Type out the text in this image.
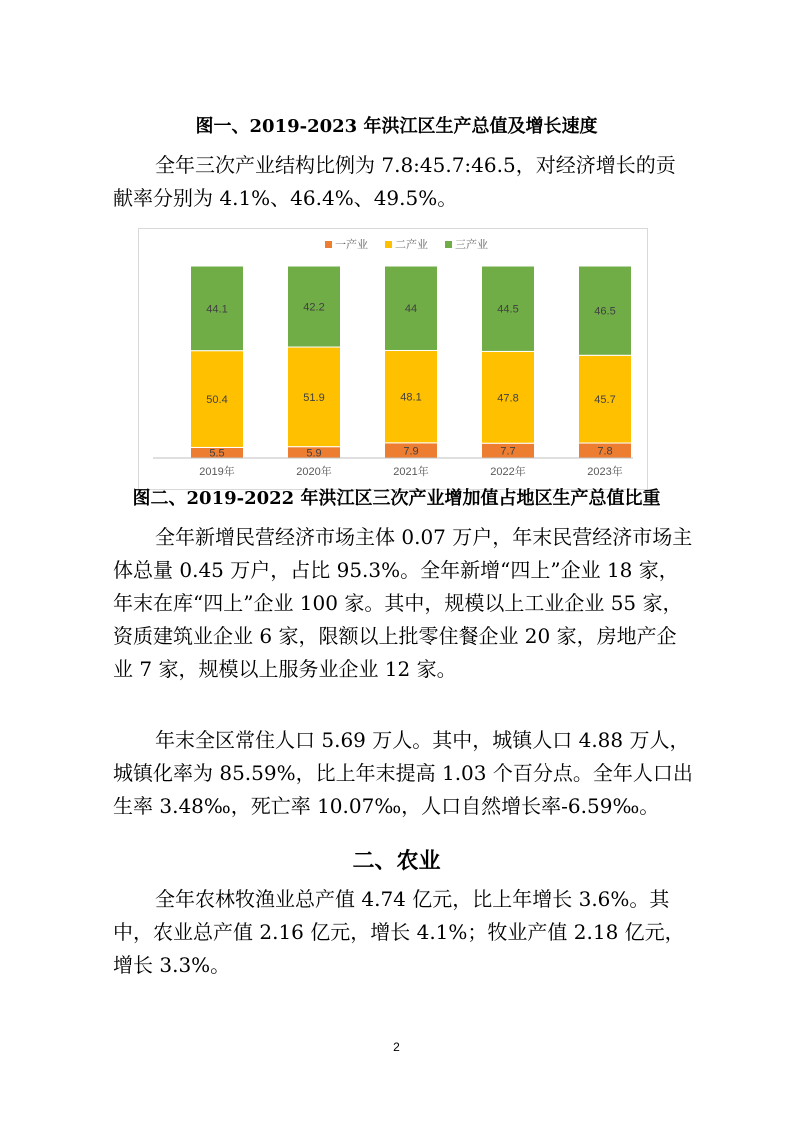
图一、2019-2023 年洪江区生产总值及增长速度

全年三次产业结构比例为 7.8:45.7:46.5，对经济增长的贡献率分别为 4.1%、46.4%、49.5%。

一产业 二产业 三产业
5.5
50.4
44.1
5.9
51.9
42.2
7.9
48.1
44
7.7
47.8
44.5
7.8
45.7
46.5
2019年	2020年	2021年	2022年	2023年
图二、2019-2022 年洪江区三次产业增加值占地区生产总值比重

全年新增民营经济市场主体 0.07 万户，年末民营经济市场主体总量 0.45 万户，占比 95.3%。全年新增“四上”企业 18 家，年末在库“四上”企业 100 家。其中，规模以上工业企业 55 家，资质建筑业企业 6 家，限额以上批零住餐企业 20 家，房地产企业 7 家，规模以上服务业企业 12 家。

年末全区常住人口 5.69 万人。其中，城镇人口 4.88 万人，城镇化率为 85.59%，比上年末提高 1.03 个百分点。全年人口出生率 3.48‰，死亡率 10.07‰，人口自然增长率-6.59‰。

二、农业

全年农林牧渔业总产值 4.74 亿元，比上年增长 3.6%。其中，农业总产值 2.16 亿元，增长 4.1%；牧业产值 2.18 亿元，增长 3.3%。

2
